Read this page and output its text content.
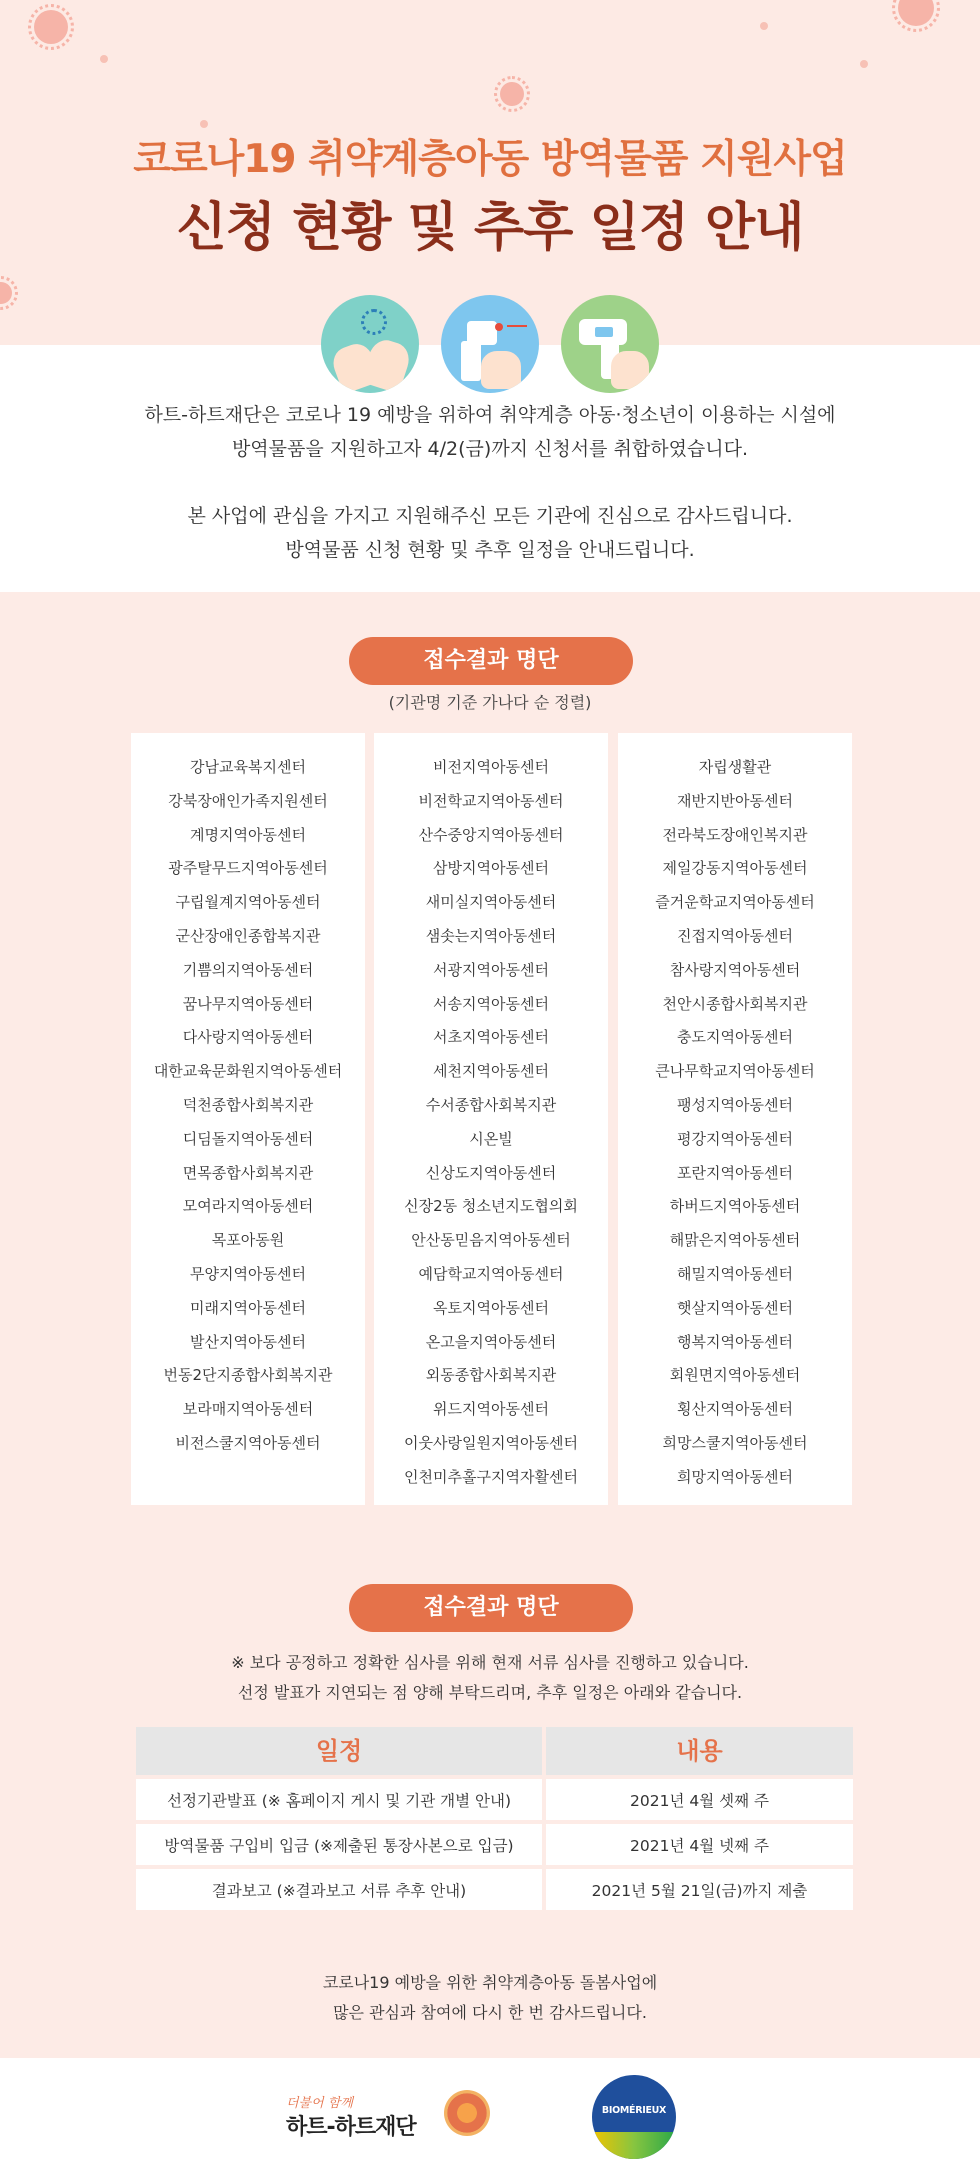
코로나19 취약계층아동 방역물품 지원사업
신청 현황 및 추후 일정 안내
하트-하트재단은 코로나 19 예방을 위하여 취약계층 아동·청소년이 이용하는 시설에
방역물품을 지원하고자 4/2(금)까지 신청서를 취합하였습니다.
본 사업에 관심을 가지고 지원해주신 모든 기관에 진심으로 감사드립니다.
방역물품 신청 현황 및 추후 일정을 안내드립니다.
접수결과 명단
(기관명 기준 가나다 순 정렬)
강남교육복지센터
강북장애인가족지원센터
계명지역아동센터
광주탈무드지역아동센터
구립월계지역아동센터
군산장애인종합복지관
기쁨의지역아동센터
꿈나무지역아동센터
다사랑지역아동센터
대한교육문화원지역아동센터
덕천종합사회복지관
디딤돌지역아동센터
면목종합사회복지관
모여라지역아동센터
목포아동원
무양지역아동센터
미래지역아동센터
발산지역아동센터
번동2단지종합사회복지관
보라매지역아동센터
비전스쿨지역아동센터
비전지역아동센터
비전학교지역아동센터
산수중앙지역아동센터
삼방지역아동센터
새미실지역아동센터
샘솟는지역아동센터
서광지역아동센터
서송지역아동센터
서초지역아동센터
세천지역아동센터
수서종합사회복지관
시온빌
신상도지역아동센터
신장2동 청소년지도협의회
안산동믿음지역아동센터
예담학교지역아동센터
옥토지역아동센터
온고을지역아동센터
외동종합사회복지관
위드지역아동센터
이웃사랑일원지역아동센터
인천미추홀구지역자활센터
자립생활관
재반지반아동센터
전라북도장애인복지관
제일강동지역아동센터
즐거운학교지역아동센터
진접지역아동센터
참사랑지역아동센터
천안시종합사회복지관
충도지역아동센터
큰나무학교지역아동센터
팽성지역아동센터
평강지역아동센터
포란지역아동센터
하버드지역아동센터
해맑은지역아동센터
해밀지역아동센터
햇살지역아동센터
행복지역아동센터
회원면지역아동센터
횡산지역아동센터
희망스쿨지역아동센터
희망지역아동센터
접수결과 명단
※ 보다 공정하고 정확한 심사를 위해 현재 서류 심사를 진행하고 있습니다.
선정 발표가 지연되는 점 양해 부탁드리며, 추후 일정은 아래와 같습니다.
일정	내용
선정기관발표 (※ 홈페이지 게시 및 기관 개별 안내)	2021년 4월 셋째 주
방역물품 구입비 입금 (※제출된 통장사본으로 입금)	2021년 4월 넷째 주
결과보고 (※결과보고 서류 추후 안내)	2021년 5월 21일(금)까지 제출
코로나19 예방을 위한 취약계층아동 돌봄사업에
많은 관심과 참여에 다시 한 번 감사드립니다.
더불어 함께
하트-하트재단
BIOMÉRIEUX
